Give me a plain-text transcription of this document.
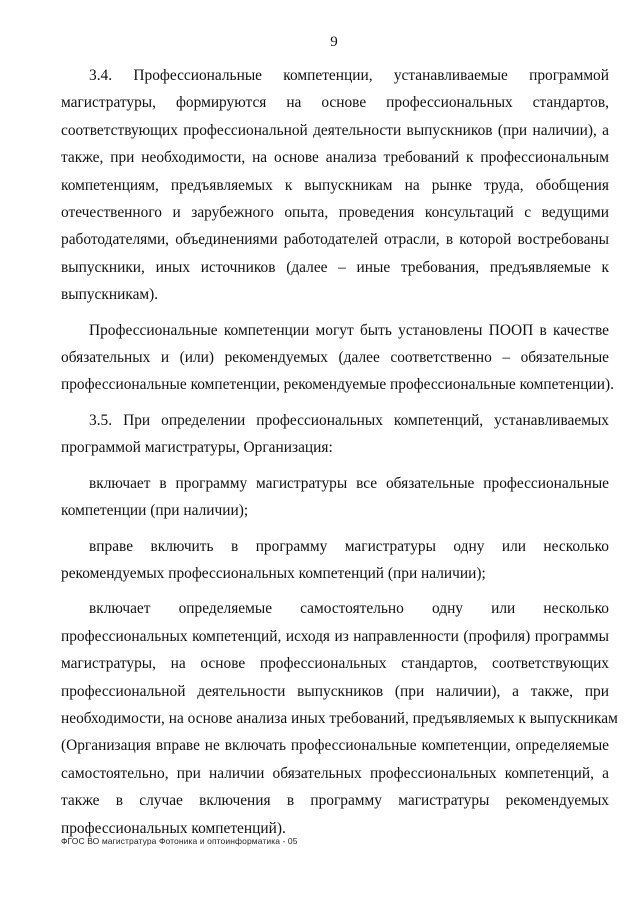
9
3.4. Профессиональные компетенции, устанавливаемые программой
магистратуры, формируются на основе профессиональных стандартов,
соответствующих профессиональной деятельности выпускников (при наличии), а
также, при необходимости, на основе анализа требований к профессиональным
компетенциям, предъявляемых к выпускникам на рынке труда, обобщения
отечественного и зарубежного опыта, проведения консультаций с ведущими
работодателями, объединениями работодателей отрасли, в которой востребованы
выпускники, иных источников (далее – иные требования, предъявляемые к
выпускникам).
Профессиональные компетенции могут быть установлены ПООП в качестве
обязательных и (или) рекомендуемых (далее соответственно – обязательные
профессиональные компетенции, рекомендуемые профессиональные компетенции).
3.5. При определении профессиональных компетенций, устанавливаемых
программой магистратуры, Организация:
включает в программу магистратуры все обязательные профессиональные
компетенции (при наличии);
вправе включить в программу магистратуры одну или несколько
рекомендуемых профессиональных компетенций (при наличии);
включает определяемые самостоятельно одну или несколько
профессиональных компетенций, исходя из направленности (профиля) программы
магистратуры, на основе профессиональных стандартов, соответствующих
профессиональной деятельности выпускников (при наличии), а также, при
необходимости, на основе анализа иных требований, предъявляемых к выпускникам
(Организация вправе не включать профессиональные компетенции, определяемые
самостоятельно, при наличии обязательных профессиональных компетенций, а
также в случае включения в программу магистратуры рекомендуемых
профессиональных компетенций).
ФГОС ВО магистратура Фотоника и оптоинформатика - 05
